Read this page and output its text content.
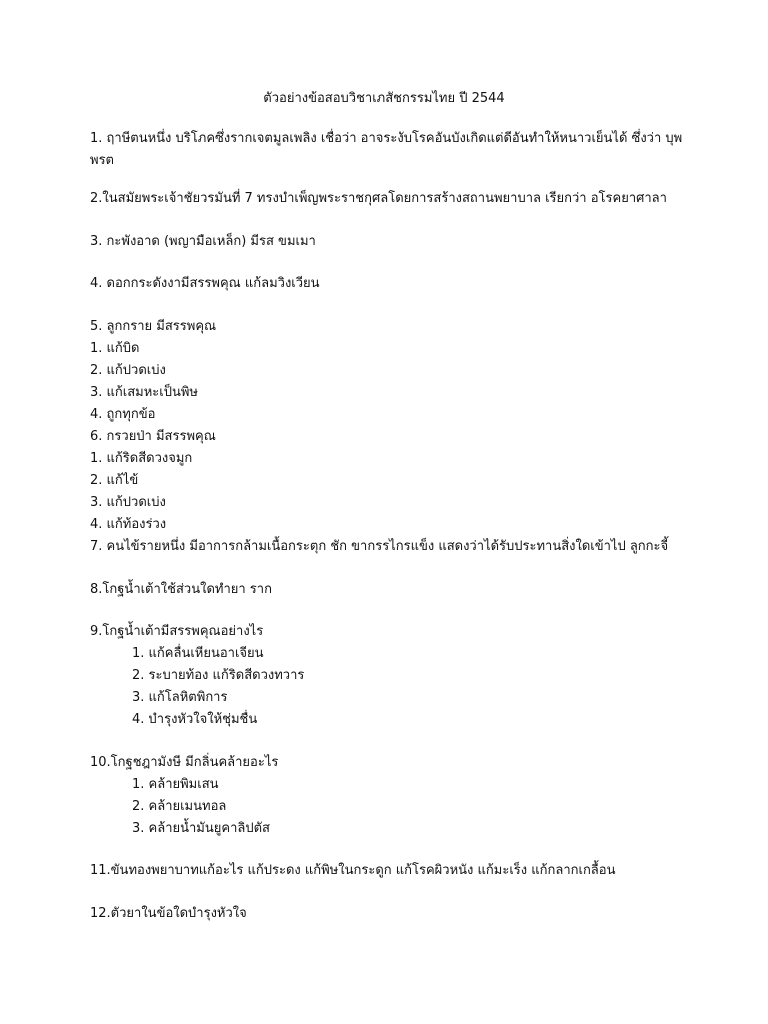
ตัวอย่างข้อสอบวิชาเภสัชกรรมไทย ปี 2544
1. ฤาษีตนหนึ่ง บริโภคซึ่งรากเจตมูลเพลิง เชื่อว่า อาจระงับโรคอันบังเกิดแต่ดีอันทำให้หนาวเย็นได้ ซึ่งว่า บุพพรต
2.ในสมัยพระเจ้าชัยวรมันที่ 7 ทรงบำเพ็ญพระราชกุศลโดยการสร้างสถานพยาบาล เรียกว่า อโรคยาศาลา
3. กะพังอาด (พญามือเหล็ก) มีรส ขมเมา
4. ดอกกระดังงามีสรรพคุณ แก้ลมวิงเวียน
5. ลูกกราย มีสรรพคุณ
1. แก้บิด
2. แก้ปวดเบ่ง
3. แก้เสมหะเป็นพิษ
4. ถูกทุกข้อ
6. กรวยป่า มีสรรพคุณ
1. แก้ริดสีดวงจมูก
2. แก้ไข้
3. แก้ปวดเบ่ง
4. แก้ท้องร่วง
7. คนไข้รายหนึ่ง มีอาการกล้ามเนื้อกระตุก ชัก ขากรรไกรแข็ง แสดงว่าได้รับประทานสิ่งใดเข้าไป ลูกกะจี้
8.โกฐน้ำเต้าใช้ส่วนใดทำยา ราก
9.โกฐน้ำเต้ามีสรรพคุณอย่างไร
1. แก้คลื่นเหียนอาเจียน
2. ระบายท้อง แก้ริดสีดวงทวาร
3. แก้โลหิตพิการ
4. บำรุงหัวใจให้ชุ่มชื่น
10.โกฐชฎามังษี มีกลิ่นคล้ายอะไร
1. คล้ายพิมเสน
2. คล้ายเมนทอล
3. คล้ายน้ำมันยูคาลิปตัส
11.ขันทองพยาบาทแก้อะไร แก้ประดง แก้พิษในกระดูก แก้โรคผิวหนัง แก้มะเร็ง แก้กลากเกลื้อน
12.ตัวยาในข้อใดบำรุงหัวใจ
